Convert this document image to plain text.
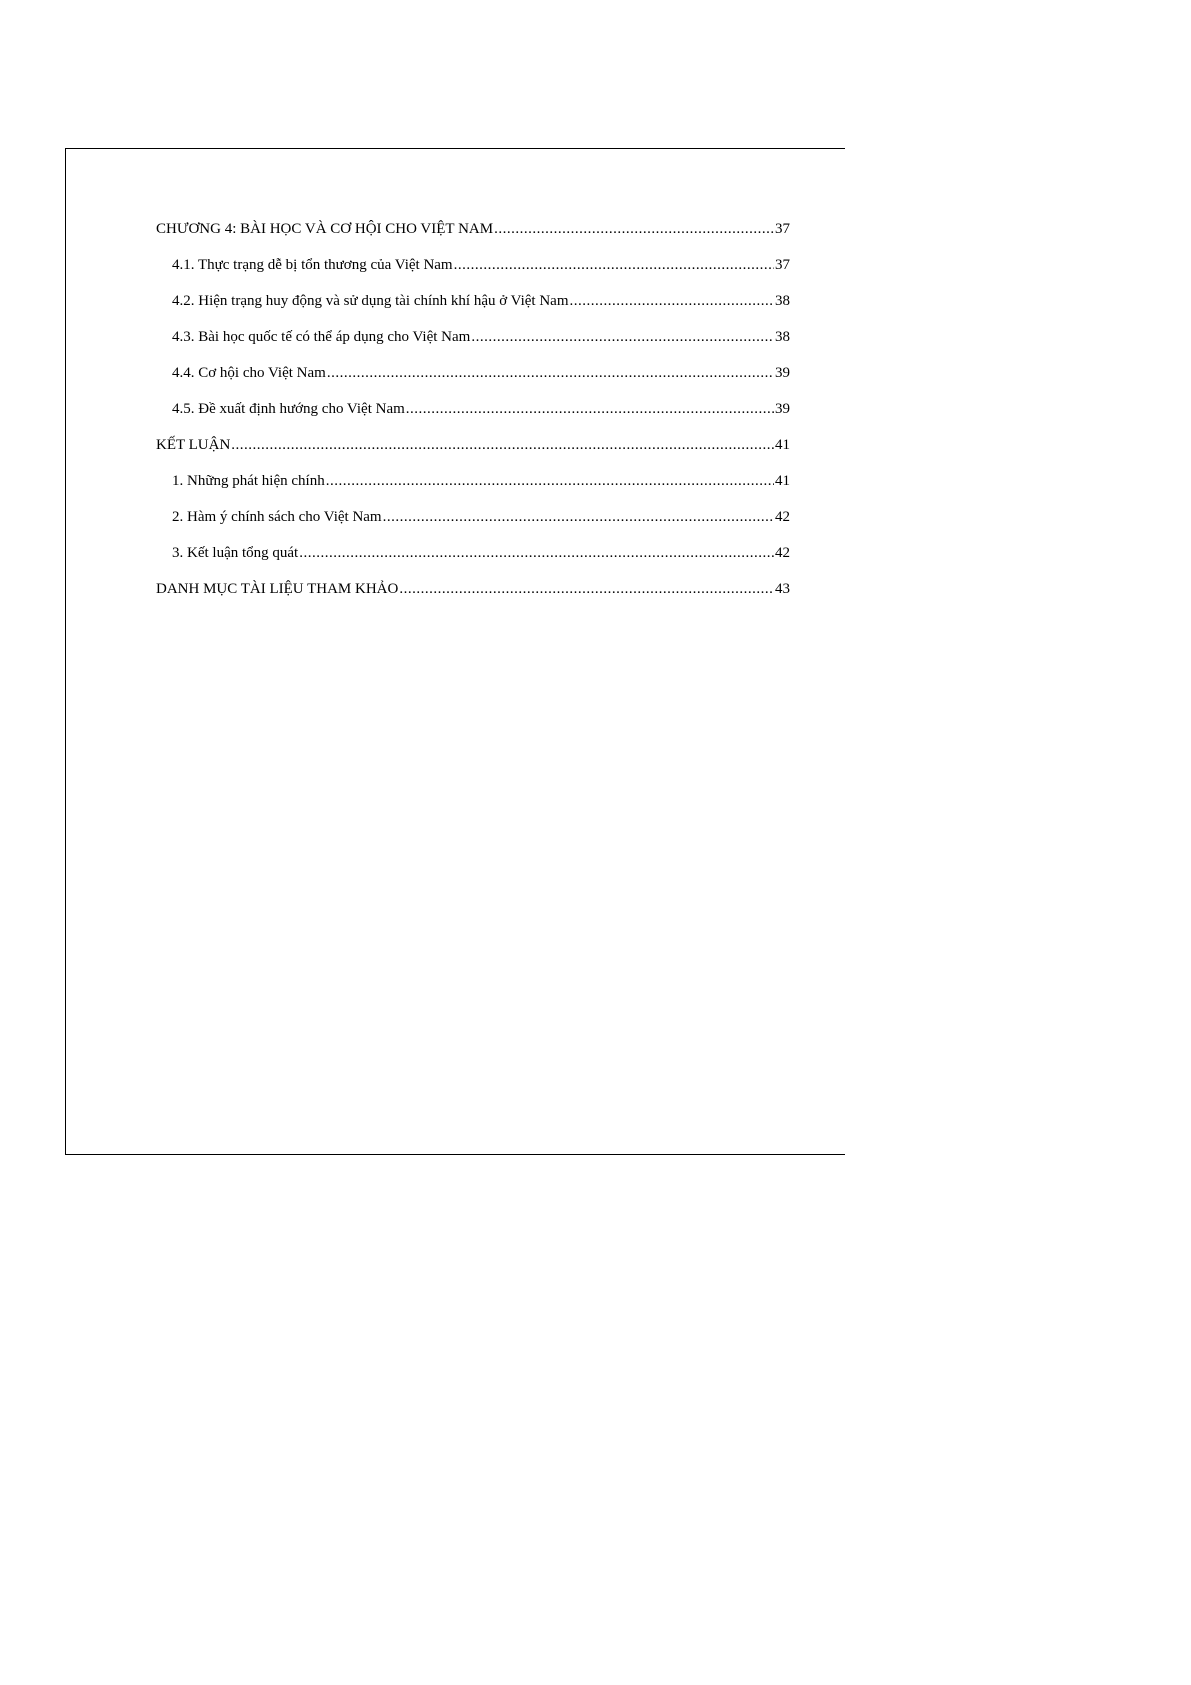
CHƯƠNG 4: BÀI HỌC VÀ CƠ HỘI CHO VIỆT NAM .....	37
4.1. Thực trạng dễ bị tổn thương của Việt Nam .....	37
4.2. Hiện trạng huy động và sử dụng tài chính khí hậu ở Việt Nam .....	38
4.3. Bài học quốc tế có thể áp dụng cho Việt Nam .....	38
4.4. Cơ hội cho Việt Nam .....	39
4.5. Đề xuất định hướng cho Việt Nam .....	39
KẾT LUẬN .....	41
1. Những phát hiện chính .....	41
2. Hàm ý chính sách cho Việt Nam .....	42
3. Kết luận tổng quát .....	42
DANH MỤC TÀI LIỆU THAM KHẢO .....	43
